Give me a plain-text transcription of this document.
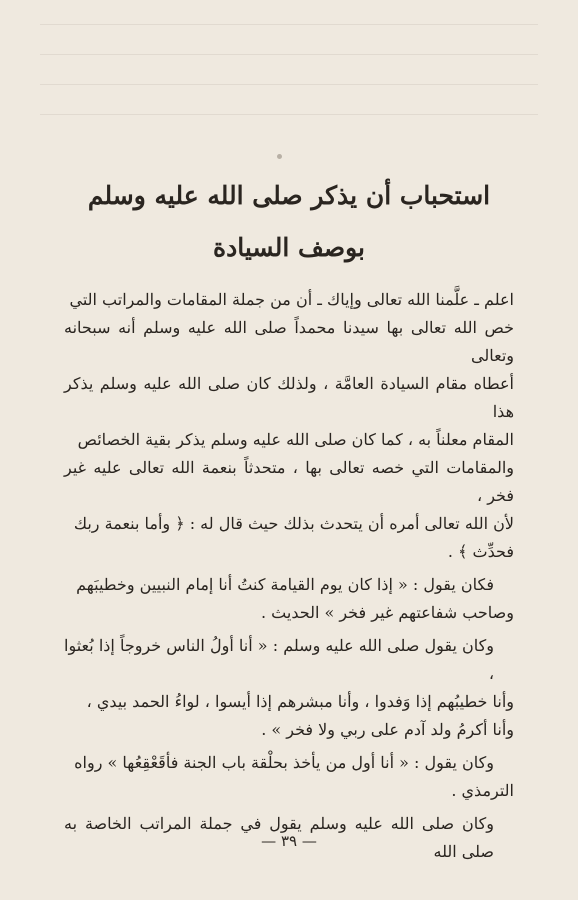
استحباب أن يذكر صلى الله عليه وسلم
بوصف السيادة
اعلم ـ علَّمنا الله تعالى وإياك ـ أن من جملة المقامات والمراتب التي
خص الله تعالى بها سيدنا محمداً صلى الله عليه وسلم أنه سبحانه وتعالى
أعطاه مقام السيادة العامَّة ، ولذلك كان صلى الله عليه وسلم يذكر هذا
المقام معلناً به ، كما كان صلى الله عليه وسلم يذكر بقية الخصائص
والمقامات التي خصه تعالى بها ، متحدثاً بنعمة الله تعالى عليه غير فخر ،
لأن الله تعالى أمره أن يتحدث بذلك حيث قال له : ﴿ وأما بنعمة ربك
فحدِّث ﴾ .
فكان يقول : « إذا كان يوم القيامة كنتُ أنا إمام النبيين وخطيبَهم
وصاحب شفاعتهم غير فخر » الحديث .
وكان يقول صلى الله عليه وسلم : « أنا أولُ الناس خروجاً إذا بُعثوا ،
وأنا خطيبُهم إذا وَفدوا ، وأنا مبشرهم إذا أيسوا ، لواءُ الحمد بيدي ،
وأنا أكرمُ ولد آدم على ربي ولا فخر » .
وكان يقول : « أنا أول من يأخذ بحلْقة باب الجنة فأقَعْقِعُها » رواه
الترمذي .
وكان صلى الله عليه وسلم يقول في جملة المراتب الخاصة به صلى الله
— ٣٩ —
